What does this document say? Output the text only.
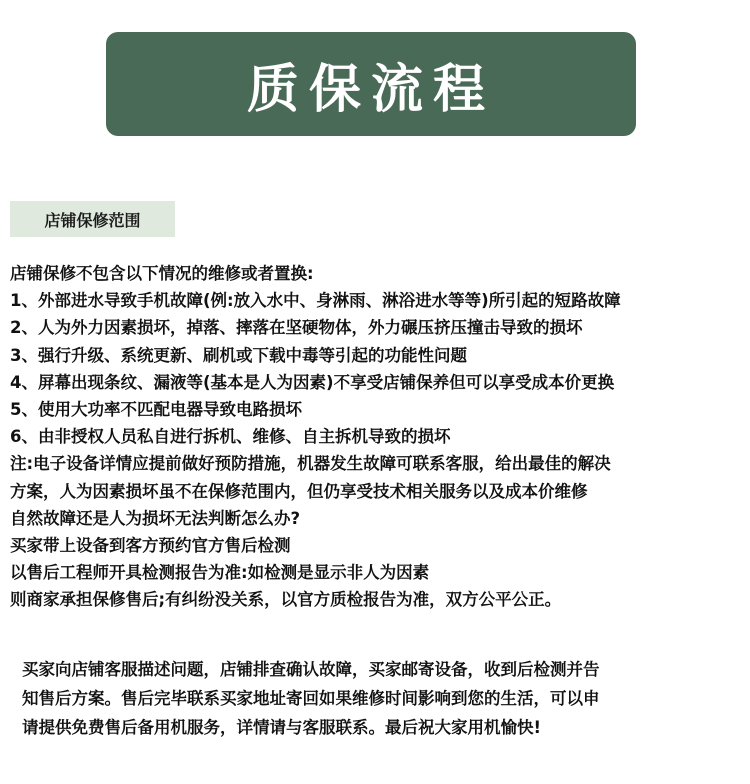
质保流程
店铺保修范围
店铺保修不包含以下情况的维修或者置换:
1、外部进水导致手机故障(例:放入水中、身淋雨、淋浴进水等等)所引起的短路故障
2、人为外力因素损坏，掉落、摔落在坚硬物体，外力碾压挤压撞击导致的损坏
3、强行升级、系统更新、刷机或下载中毒等引起的功能性问题
4、屏幕出现条纹、漏液等(基本是人为因素)不享受店铺保养但可以享受成本价更换
5、使用大功率不匹配电器导致电路损坏
6、由非授权人员私自进行拆机、维修、自主拆机导致的损坏
注:电子设备详情应提前做好预防措施，机器发生故障可联系客服，给出最佳的解决
方案，人为因素损坏虽不在保修范围内，但仍享受技术相关服务以及成本价维修
自然故障还是人为损坏无法判断怎么办?
买家带上设备到客方预约官方售后检测
以售后工程师开具检测报告为准:如检测是显示非人为因素
则商家承担保修售后;有纠纷没关系，以官方质检报告为准，双方公平公正。
买家向店铺客服描述问题，店铺排查确认故障，买家邮寄设备，收到后检测并告
知售后方案。售后完毕联系买家地址寄回如果维修时间影响到您的生活，可以申
请提供免费售后备用机服务，详情请与客服联系。最后祝大家用机愉快!
